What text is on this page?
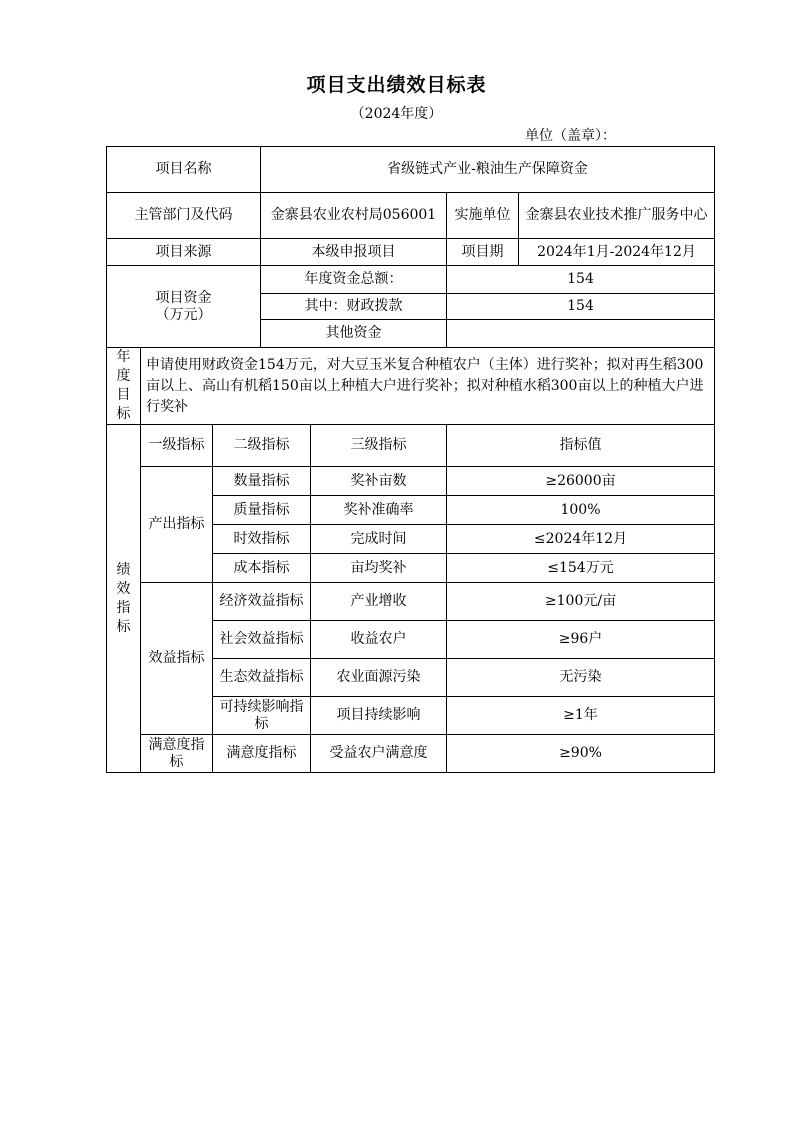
项目支出绩效目标表
（2024年度）
单位（盖章）：
项目名称			省级链式产业-粮油生产保障资金			
主管部门及代码			金寨县农业农村局056001		实施单位	金寨县农业技术推广服务中心
项目来源			本级申报项目		项目期	2024年1月-2024年12月

项目资金
（万元）			年度资金总额：		154	
			其中：财政拨款		154	
			其他资金			

年
度
目
标	申请使用财政资金154万元，对大豆玉米复合种植农户（主体）进行奖补；拟对再生稻300亩以上、高山有机稻150亩以上种植大户进行奖补；拟对种植水稻300亩以上的种植大户进行奖补					

绩
效
指
标	一级指标	二级指标		三级指标	指标值	
	产出指标	数量指标		奖补亩数	≥26000亩	
		质量指标		奖补准确率	100%	
		时效指标		完成时间	≤2024年12月	
		成本指标		亩均奖补	≤154万元	
	效益指标	经济效益指标		产业增收	≥100元/亩	
		社会效益指标		收益农户	≥96户	
		生态效益指标		农业面源污染	无污染	
		可持续影响指标		项目持续影响	≥1年	
	满意度指标	满意度指标		受益农户满意度	≥90%	
